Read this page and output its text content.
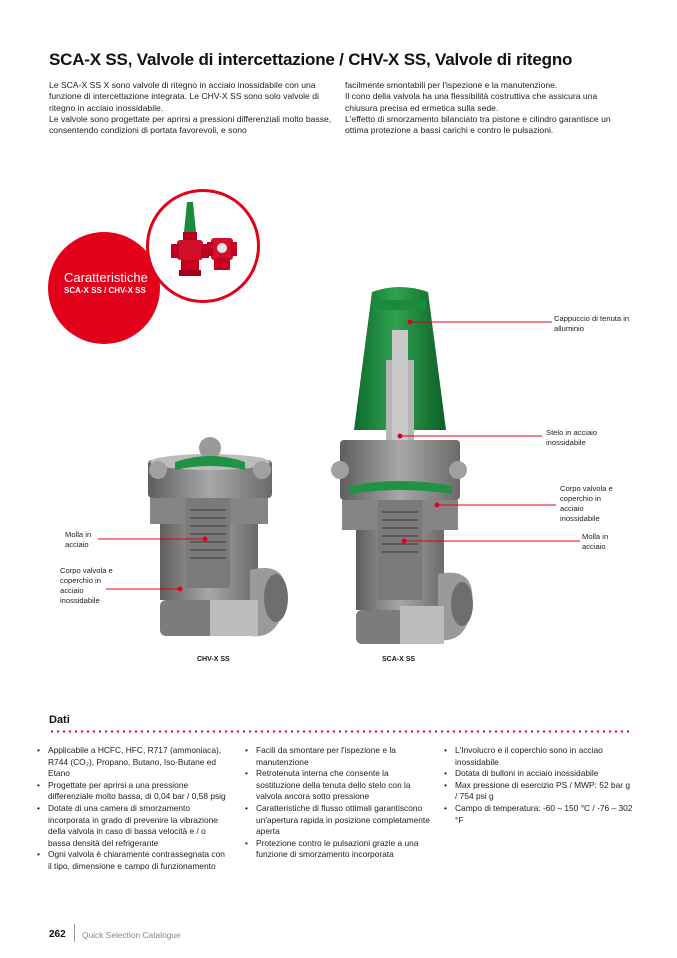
SCA-X SS, Valvole di intercettazione / CHV-X SS, Valvole di ritegno

Le SCA-X SS X sono valvole di ritegno in acciaio inossidabile con una funzione di intercettazione integrata. Le CHV-X SS sono solo valvole di ritegno in acciaio inossidabile.

Le valvole sono progettate per aprirsi a pressioni differenziali molto basse, consentendo condizioni di portata favorevoli, e sono

facilmente smontabili per l'ispezione e la manutenzione.

Il cono della valvola ha una flessibilità costruttiva che assicura una chiusura precisa ed ermetica sulla sede.

L'effetto di smorzamento bilanciato tra pistone e cilindro garantisce un ottima protezione a bassi carichi e contro le pulsazioni.

Caratteristiche
SCA-X SS / CHV-X SS
Cappuccio di tenuta in alluminio
Stelo in acciaio inossidabile
Corpo valvola e coperchio in acciaio inossidabile
Molla in acciaio
Molla in acciaio
Corpo valvola e coperchio in acciaio inossidabile
CHV-X SS	SCA-X SS
Dati
• Applicabile a HCFC, HFC, R717 (ammoniaca), R744 (CO₂), Propano, Butano, Iso-Butane ed Etano
• Progettate per aprirsi a una pressione differenziale molto bassa, di 0,04 bar / 0,58 psig
• Dotate di una camera di smorzamento incorporata in grado di prevenire la vibrazione della valvola in caso di bassa velocità e / o bassa densità del refrigerante
• Ogni valvola è chiaramente contrassegnata con il tipo, dimensione e campo di funzionamento
• Facili da smontare per l'ispezione e la manutenzione
• Retrotenuta interna che consente la sostituzione della tenuta dello stelo con la valvola ancora sotto pressione
• Caratteristiche di flusso ottimali garantiscono un'apertura rapida in posizione completamente aperta
• Protezione contro le pulsazioni grazie a una funzione di smorzamento incorporata
• L'Involucro e il coperchio sono in acciao inossidabile
• Dotata di bulloni in acciaio inossidabile
• Max pressione di esercizio PS / MWP: 52 bar g / 754 psi g
• Campo di temperatura: -60 – 150 °C / -76 – 302 °F
262 Quick Selection Catalogue
